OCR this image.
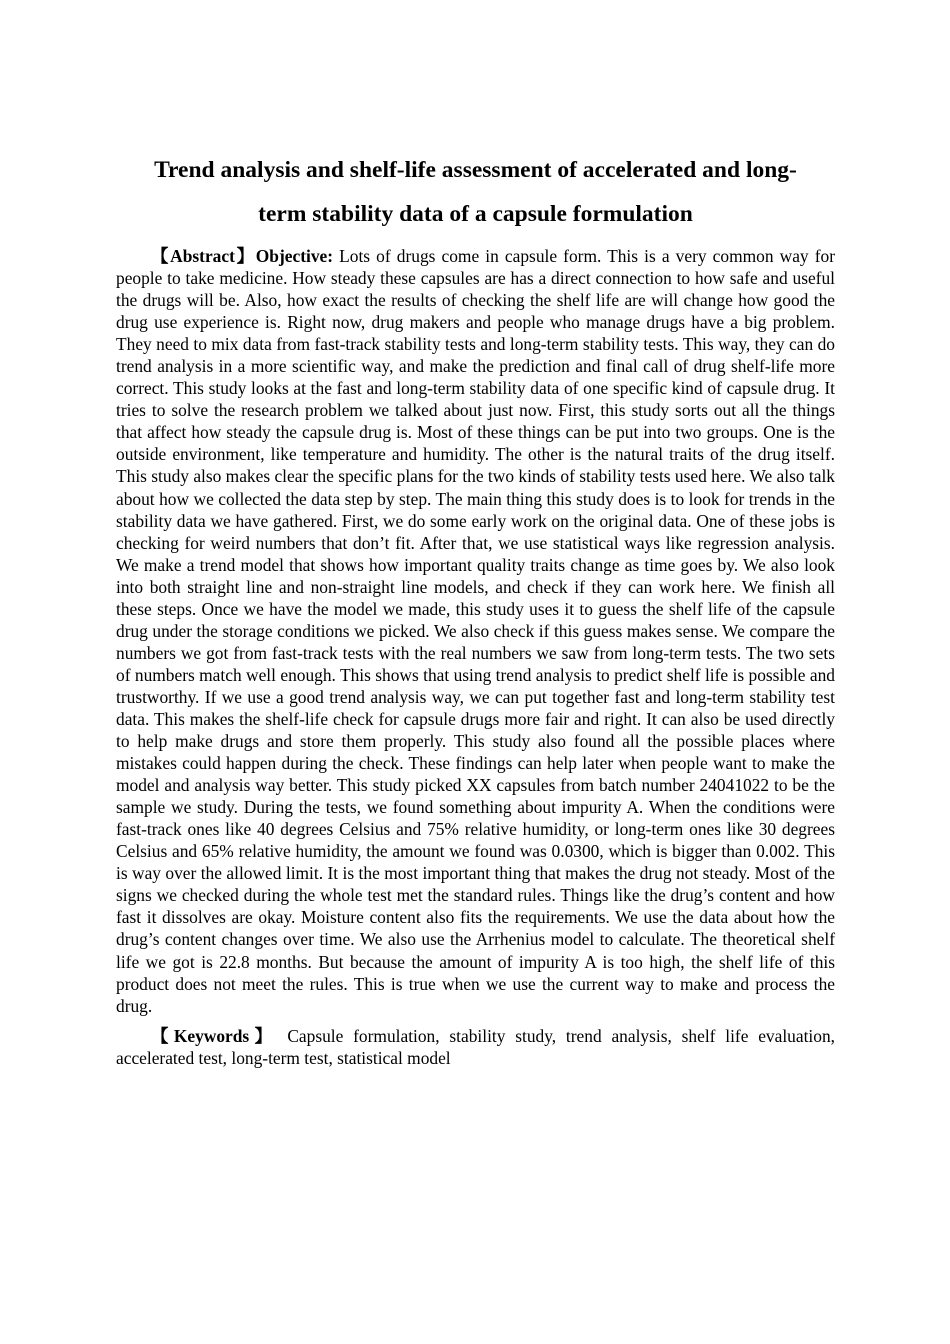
Trend analysis and shelf-life assessment of accelerated and long-
term stability data of a capsule formulation

【Abstract】Objective: Lots of drugs come in capsule form. This is a very common way for people to take medicine. How steady these capsules are has a direct connection to how safe and useful the drugs will be. Also, how exact the results of checking the shelf life are will change how good the drug use experience is. Right now, drug makers and people who manage drugs have a big problem. They need to mix data from fast-track stability tests and long-term stability tests. This way, they can do trend analysis in a more scientific way, and make the prediction and final call of drug shelf-life more correct. This study looks at the fast and long-term stability data of one specific kind of capsule drug. It tries to solve the research problem we talked about just now. First, this study sorts out all the things that affect how steady the capsule drug is. Most of these things can be put into two groups. One is the outside environment, like temperature and humidity. The other is the natural traits of the drug itself. This study also makes clear the specific plans for the two kinds of stability tests used here. We also talk about how we collected the data step by step. The main thing this study does is to look for trends in the stability data we have gathered. First, we do some early work on the original data. One of these jobs is checking for weird numbers that don’t fit. After that, we use statistical ways like regression analysis. We make a trend model that shows how important quality traits change as time goes by. We also look into both straight line and non-straight line models, and check if they can work here. We finish all these steps. Once we have the model we made, this study uses it to guess the shelf life of the capsule drug under the storage conditions we picked. We also check if this guess makes sense. We compare the numbers we got from fast-track tests with the real numbers we saw from long-term tests. The two sets of numbers match well enough. This shows that using trend analysis to predict shelf life is possible and trustworthy. If we use a good trend analysis way, we can put together fast and long-term stability test data. This makes the shelf-life check for capsule drugs more fair and right. It can also be used directly to help make drugs and store them properly. This study also found all the possible places where mistakes could happen during the check. These findings can help later when people want to make the model and analysis way better. This study picked XX capsules from batch number 24041022 to be the sample we study. During the tests, we found something about impurity A. When the conditions were fast-track ones like 40 degrees Celsius and 75% relative humidity, or long-term ones like 30 degrees Celsius and 65% relative humidity, the amount we found was 0.0300, which is bigger than 0.002. This is way over the allowed limit. It is the most important thing that makes the drug not steady. Most of the signs we checked during the whole test met the standard rules. Things like the drug’s content and how fast it dissolves are okay. Moisture content also fits the requirements. We use the data about how the drug’s content changes over time. We also use the Arrhenius model to calculate. The theoretical shelf life we got is 22.8 months. But because the amount of impurity A is too high, the shelf life of this product does not meet the rules. This is true when we use the current way to make and process the drug.

【Keywords】 Capsule formulation, stability study, trend analysis, shelf life evaluation, accelerated test, long-term test, statistical model
